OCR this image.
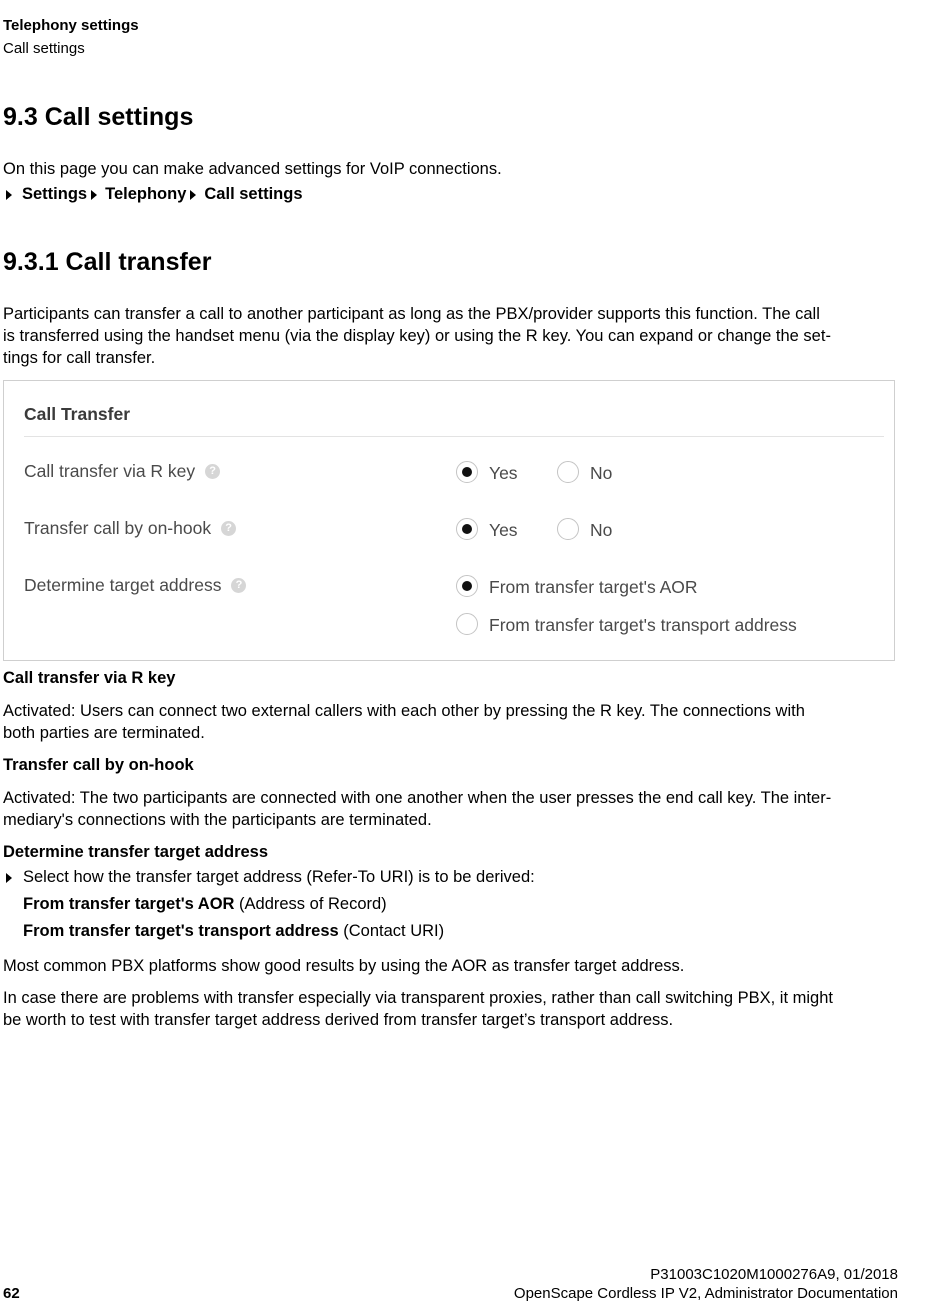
Telephony settings
Call settings
9.3 Call settings
On this page you can make advanced settings for VoIP connections.
Settings Telephony Call settings
9.3.1 Call transfer
Participants can transfer a call to another participant as long as the PBX/provider supports this function. The call
is transferred using the handset menu (via the display key) or using the R key. You can expand or change the set-
tings for call transfer.
Call Transfer
Call transfer via R key	?	Yes	No
Transfer call by on-hook	?	Yes	No
Determine target address	?	From transfer target's AOR
From transfer target's transport address
Call transfer via R key
Activated: Users can connect two external callers with each other by pressing the R key. The connections with
both parties are terminated.
Transfer call by on-hook
Activated: The two participants are connected with one another when the user presses the end call key. The inter-
mediary's connections with the participants are terminated.
Determine transfer target address
Select how the transfer target address (Refer-To URI) is to be derived:
From transfer target's AOR (Address of Record)
From transfer target's transport address (Contact URI)
Most common PBX platforms show good results by using the AOR as transfer target address.
In case there are problems with transfer especially via transparent proxies, rather than call switching PBX, it might
be worth to test with transfer target address derived from transfer target’s transport address.
P31003C1020M1000276A9, 01/2018
OpenScape Cordless IP V2, Administrator Documentation
62
